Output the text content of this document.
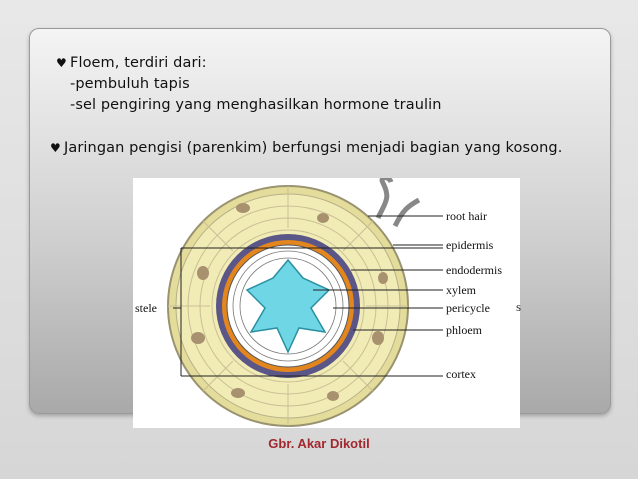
♥ Floem, terdiri dari:
-pembuluh tapis
-sel pengiring yang menghasilkan hormone traulin
♥ Jaringan pengisi (parenkim) berfungsi menjadi bagian yang kosong.
root hair
epidermis
endodermis
xylem
pericycle
phloem
cortex
stele	s
Gbr. Akar Dikotil
